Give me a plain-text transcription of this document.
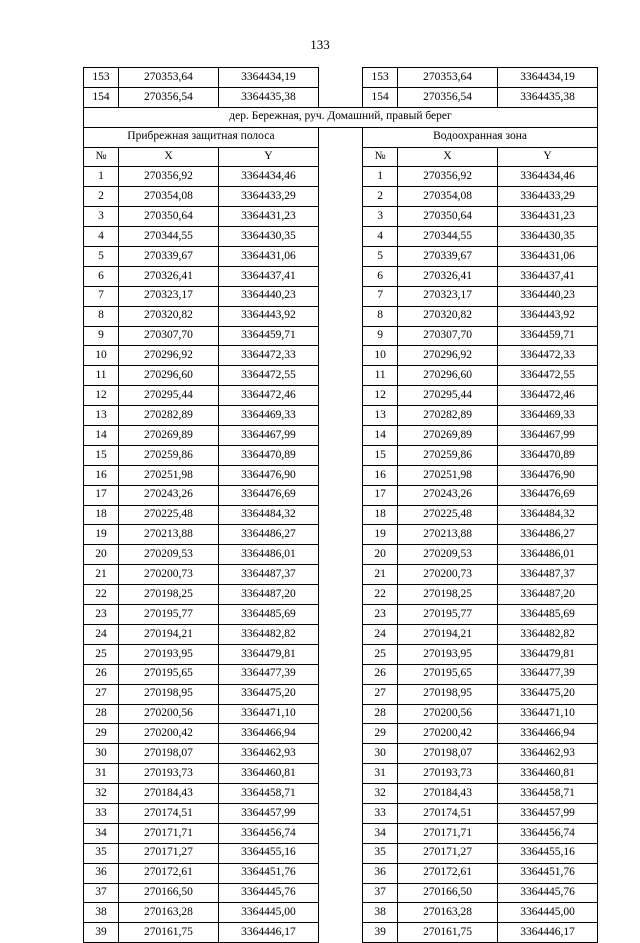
133
153	270353,64	3364434,19		153	270353,64	3364434,19
154	270356,54	3364435,38		154	270356,54	3364435,38
дер. Бережная, руч. Домашний, правый берег						
Прибрежная защитная полоса				Водоохранная зона		
№	X	Y		№	X	Y
1	270356,92	3364434,46		1	270356,92	3364434,46
2	270354,08	3364433,29		2	270354,08	3364433,29
3	270350,64	3364431,23		3	270350,64	3364431,23
4	270344,55	3364430,35		4	270344,55	3364430,35
5	270339,67	3364431,06		5	270339,67	3364431,06
6	270326,41	3364437,41		6	270326,41	3364437,41
7	270323,17	3364440,23		7	270323,17	3364440,23
8	270320,82	3364443,92		8	270320,82	3364443,92
9	270307,70	3364459,71		9	270307,70	3364459,71
10	270296,92	3364472,33		10	270296,92	3364472,33
11	270296,60	3364472,55		11	270296,60	3364472,55
12	270295,44	3364472,46		12	270295,44	3364472,46
13	270282,89	3364469,33		13	270282,89	3364469,33
14	270269,89	3364467,99		14	270269,89	3364467,99
15	270259,86	3364470,89		15	270259,86	3364470,89
16	270251,98	3364476,90		16	270251,98	3364476,90
17	270243,26	3364476,69		17	270243,26	3364476,69
18	270225,48	3364484,32		18	270225,48	3364484,32
19	270213,88	3364486,27		19	270213,88	3364486,27
20	270209,53	3364486,01		20	270209,53	3364486,01
21	270200,73	3364487,37		21	270200,73	3364487,37
22	270198,25	3364487,20		22	270198,25	3364487,20
23	270195,77	3364485,69		23	270195,77	3364485,69
24	270194,21	3364482,82		24	270194,21	3364482,82
25	270193,95	3364479,81		25	270193,95	3364479,81
26	270195,65	3364477,39		26	270195,65	3364477,39
27	270198,95	3364475,20		27	270198,95	3364475,20
28	270200,56	3364471,10		28	270200,56	3364471,10
29	270200,42	3364466,94		29	270200,42	3364466,94
30	270198,07	3364462,93		30	270198,07	3364462,93
31	270193,73	3364460,81		31	270193,73	3364460,81
32	270184,43	3364458,71		32	270184,43	3364458,71
33	270174,51	3364457,99		33	270174,51	3364457,99
34	270171,71	3364456,74		34	270171,71	3364456,74
35	270171,27	3364455,16		35	270171,27	3364455,16
36	270172,61	3364451,76		36	270172,61	3364451,76
37	270166,50	3364445,76		37	270166,50	3364445,76
38	270163,28	3364445,00		38	270163,28	3364445,00
39	270161,75	3364446,17		39	270161,75	3364446,17
